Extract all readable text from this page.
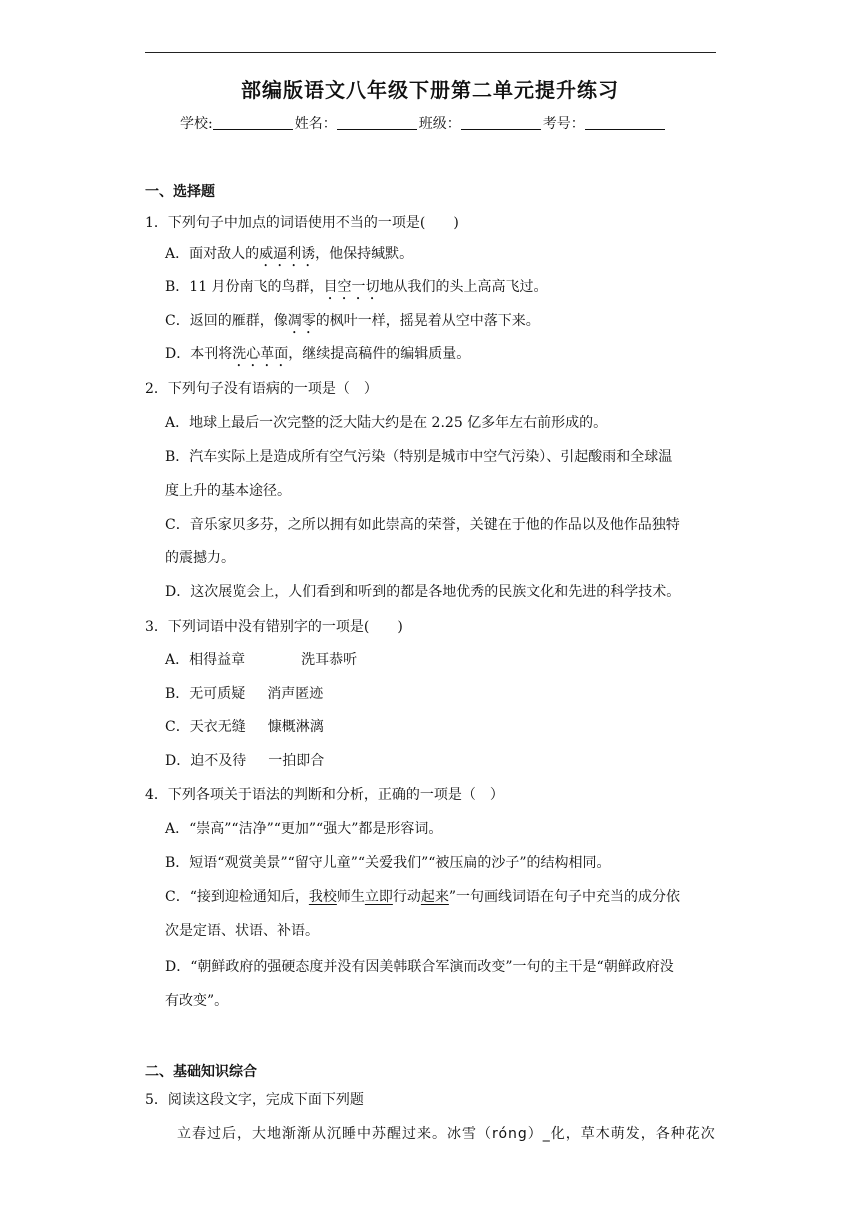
部编版语文八年级下册第二单元提升练习
学校:	姓名：	班级：	考号：
一、选择题
1．下列句子中加点的词语使用不当的一项是(　　)
A．面对敌人的威逼利诱，他保持缄默。
B．11 月份南飞的鸟群，目空一切地从我们的头上高高飞过。
C．返回的雁群，像凋零的枫叶一样，摇晃着从空中落下来。
D．本刊将洗心革面，继续提高稿件的编辑质量。
2．下列句子没有语病的一项是（　）
A．地球上最后一次完整的泛大陆大约是在 2.25 亿多年左右前形成的。
B．汽车实际上是造成所有空气污染（特别是城市中空气污染）、引起酸雨和全球温
度上升的基本途径。
C．音乐家贝多芬，之所以拥有如此崇高的荣誉，关键在于他的作品以及他作品独特
的震撼力。
D．这次展览会上，人们看到和听到的都是各地优秀的民族文化和先进的科学技术。
3．下列词语中没有错别字的一项是(　　)
A．相得益章	洗耳恭听
B．无可质疑 消声匿迹
C．天衣无缝 慷概淋漓
D．迫不及待 一拍即合
4．下列各项关于语法的判断和分析，正确的一项是（　）
A．“崇高”“洁净”“更加”“强大”都是形容词。
B．短语“观赏美景”“留守儿童”“关爱我们”“被压扁的沙子”的结构相同。
C．“接到迎检通知后，我校师生立即行动起来”一句画线词语在句子中充当的成分依
次是定语、状语、补语。
D．“朝鲜政府的强硬态度并没有因美韩联合军演而改变”一句的主干是“朝鲜政府没
有改变”。
二、基础知识综合
5．阅读这段文字，完成下面下列题
立春过后，大地渐渐从沉睡中苏醒过来。冰雪（róng）_化，草木萌发，各种花次
